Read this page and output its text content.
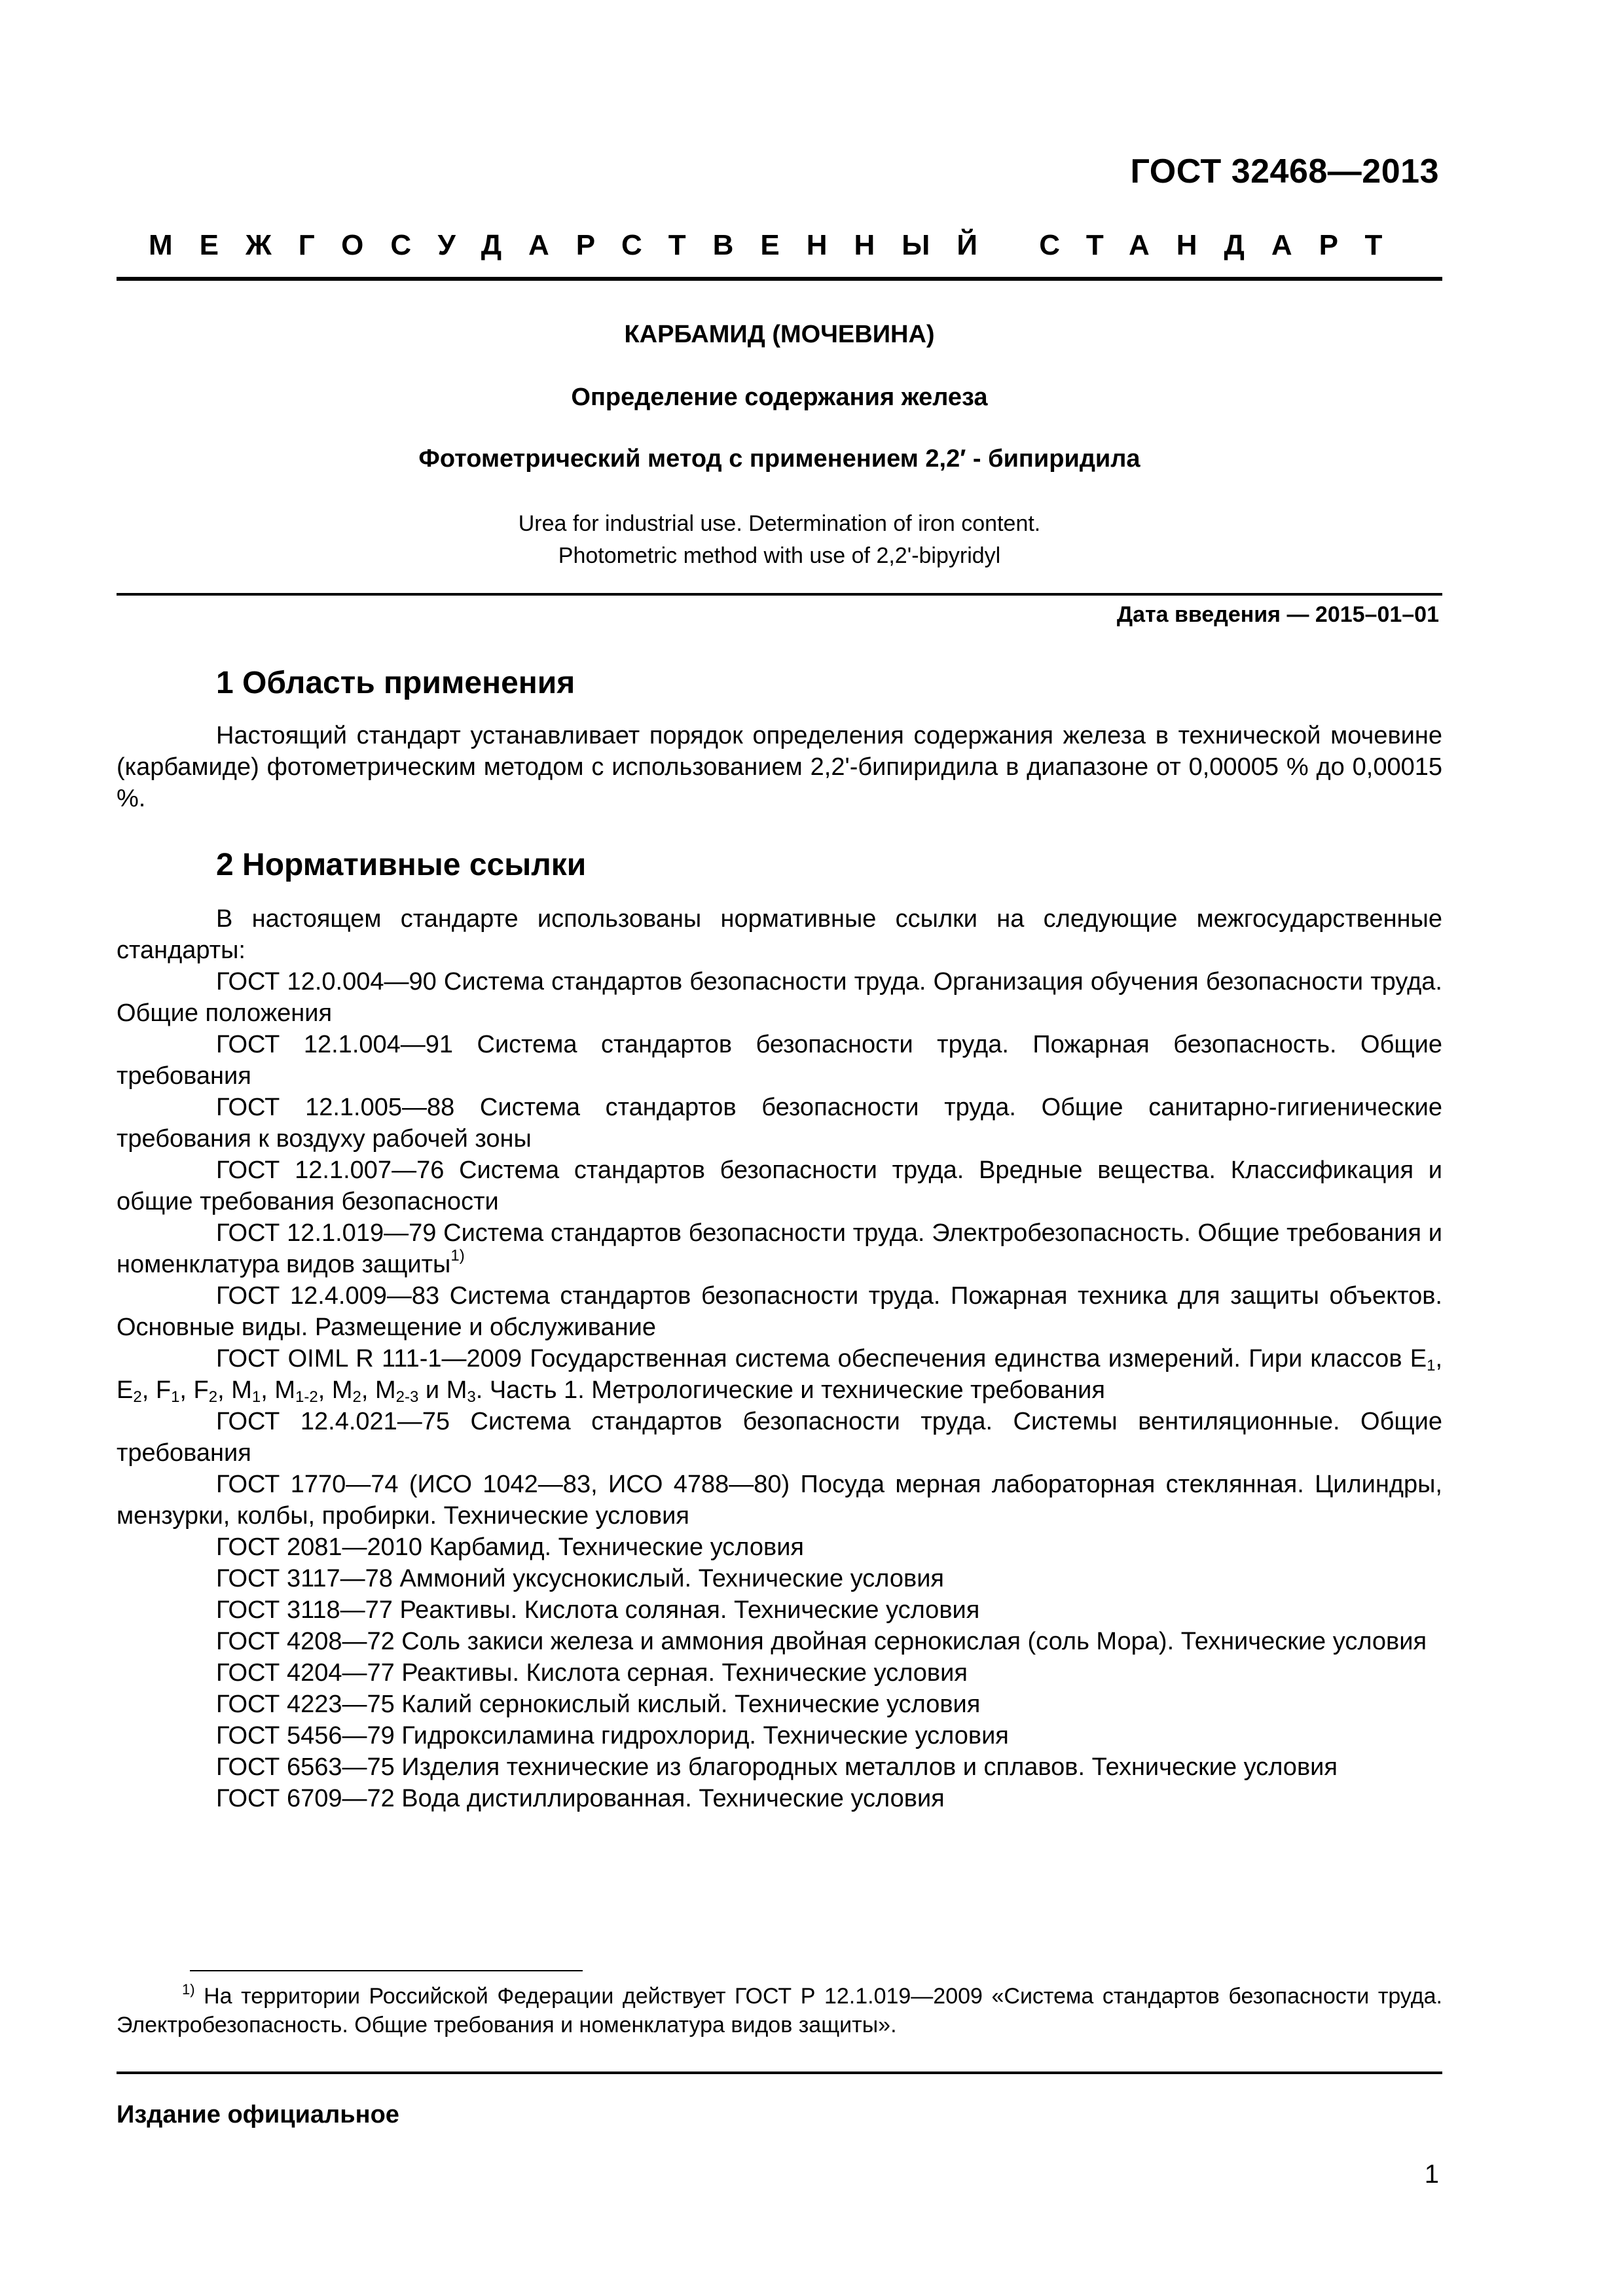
ГОСТ 32468—2013
МЕЖГОСУДАРСТВЕННЫЙ СТАНДАРТ
КАРБАМИД (МОЧЕВИНА)
Определение содержания железа
Фотометрический метод с применением 2,2′ - бипиридила
Urea for industrial use. Determination of iron content.
Photometric method with use of 2,2'-bipyridyl
Дата введения — 2015–01–01
1 Область применения

Настоящий стандарт устанавливает порядок определения содержания железа в технической мочевине (карбамиде) фотометрическим методом с использованием 2,2'-бипиридила в диапазоне от 0,00005 % до 0,00015 %.

2 Нормативные ссылки

В настоящем стандарте использованы нормативные ссылки на следующие межгосударственные стандарты:

ГОСТ 12.0.004—90 Система стандартов безопасности труда. Организация обучения безопасности труда. Общие положения

ГОСТ 12.1.004—91 Система стандартов безопасности труда. Пожарная безопасность. Общие требования

ГОСТ 12.1.005—88 Система стандартов безопасности труда. Общие санитарно-гигиенические требования к воздуху рабочей зоны

ГОСТ 12.1.007—76 Система стандартов безопасности труда. Вредные вещества. Классификация и общие требования безопасности

ГОСТ 12.1.019—79 Система стандартов безопасности труда. Электробезопасность. Общие требования и номенклатура видов защиты$^{1)}$

ГОСТ 12.4.009—83 Система стандартов безопасности труда. Пожарная техника для защиты объектов. Основные виды. Размещение и обслуживание

ГОСТ OIML R 111-1—2009 Государственная система обеспечения единства измерений. Гири классов $E_1$, $E_2$, $F_1$, $F_2$, $M_1$, $M_{1-2}$, $M_2$, $M_{2-3}$ и $M_3$. Часть 1. Метрологические и технические требования

ГОСТ 12.4.021—75 Система стандартов безопасности труда. Системы вентиляционные. Общие требования

ГОСТ 1770—74 (ИСО 1042—83, ИСО 4788—80) Посуда мерная лабораторная стеклянная. Цилиндры, мензурки, колбы, пробирки. Технические условия

ГОСТ 2081—2010 Карбамид. Технические условия

ГОСТ 3117—78 Аммоний уксуснокислый. Технические условия

ГОСТ 3118—77 Реактивы. Кислота соляная. Технические условия

ГОСТ 4208—72 Соль закиси железа и аммония двойная сернокислая (соль Мора). Технические условия

ГОСТ 4204—77 Реактивы. Кислота серная. Технические условия

ГОСТ 4223—75 Калий сернокислый кислый. Технические условия

ГОСТ 5456—79 Гидроксиламина гидрохлорид. Технические условия

ГОСТ 6563—75 Изделия технические из благородных металлов и сплавов. Технические условия

ГОСТ 6709—72 Вода дистиллированная. Технические условия

$^{1)}$ На территории Российской Федерации действует ГОСТ Р 12.1.019—2009 «Система стандартов безопасности труда. Электробезопасность. Общие требования и номенклатура видов защиты».
Издание официальное
1
